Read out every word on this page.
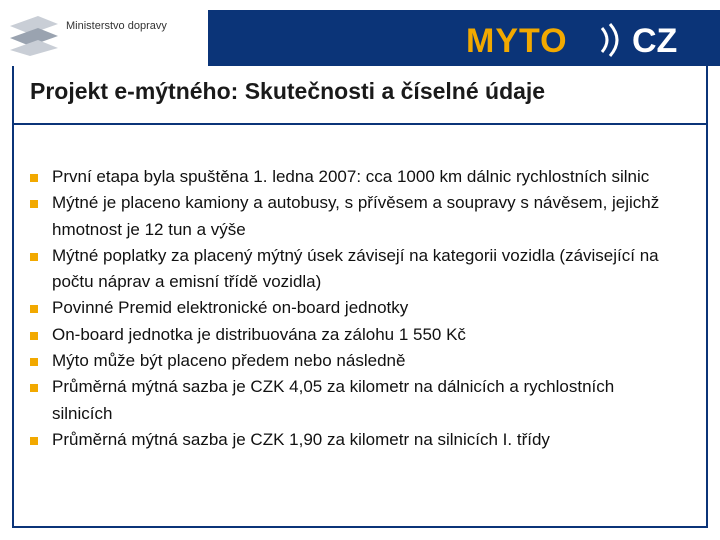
Ministerstvo dopravy	MYTO CZ
Projekt e-mýtného: Skutečnosti a číselné údaje
První etapa byla spuštěna 1. ledna 2007: cca 1000 km dálnic rychlostních silnic
Mýtné je placeno kamiony a autobusy, s přívěsem a soupravy s návěsem, jejichž hmotnost je 12 tun a výše
Mýtné poplatky za placený mýtný úsek závisejí na kategorii vozidla (závisející na počtu náprav a emisní třídě vozidla)
Povinné Premid elektronické on-board jednotky
On-board jednotka je distribuována za zálohu 1 550 Kč
Mýto může být placeno předem nebo následně
Průměrná mýtná sazba je CZK 4,05 za kilometr na dálnicích a rychlostních silnicích
Průměrná mýtná sazba je CZK 1,90 za kilometr na silnicích I. třídy
